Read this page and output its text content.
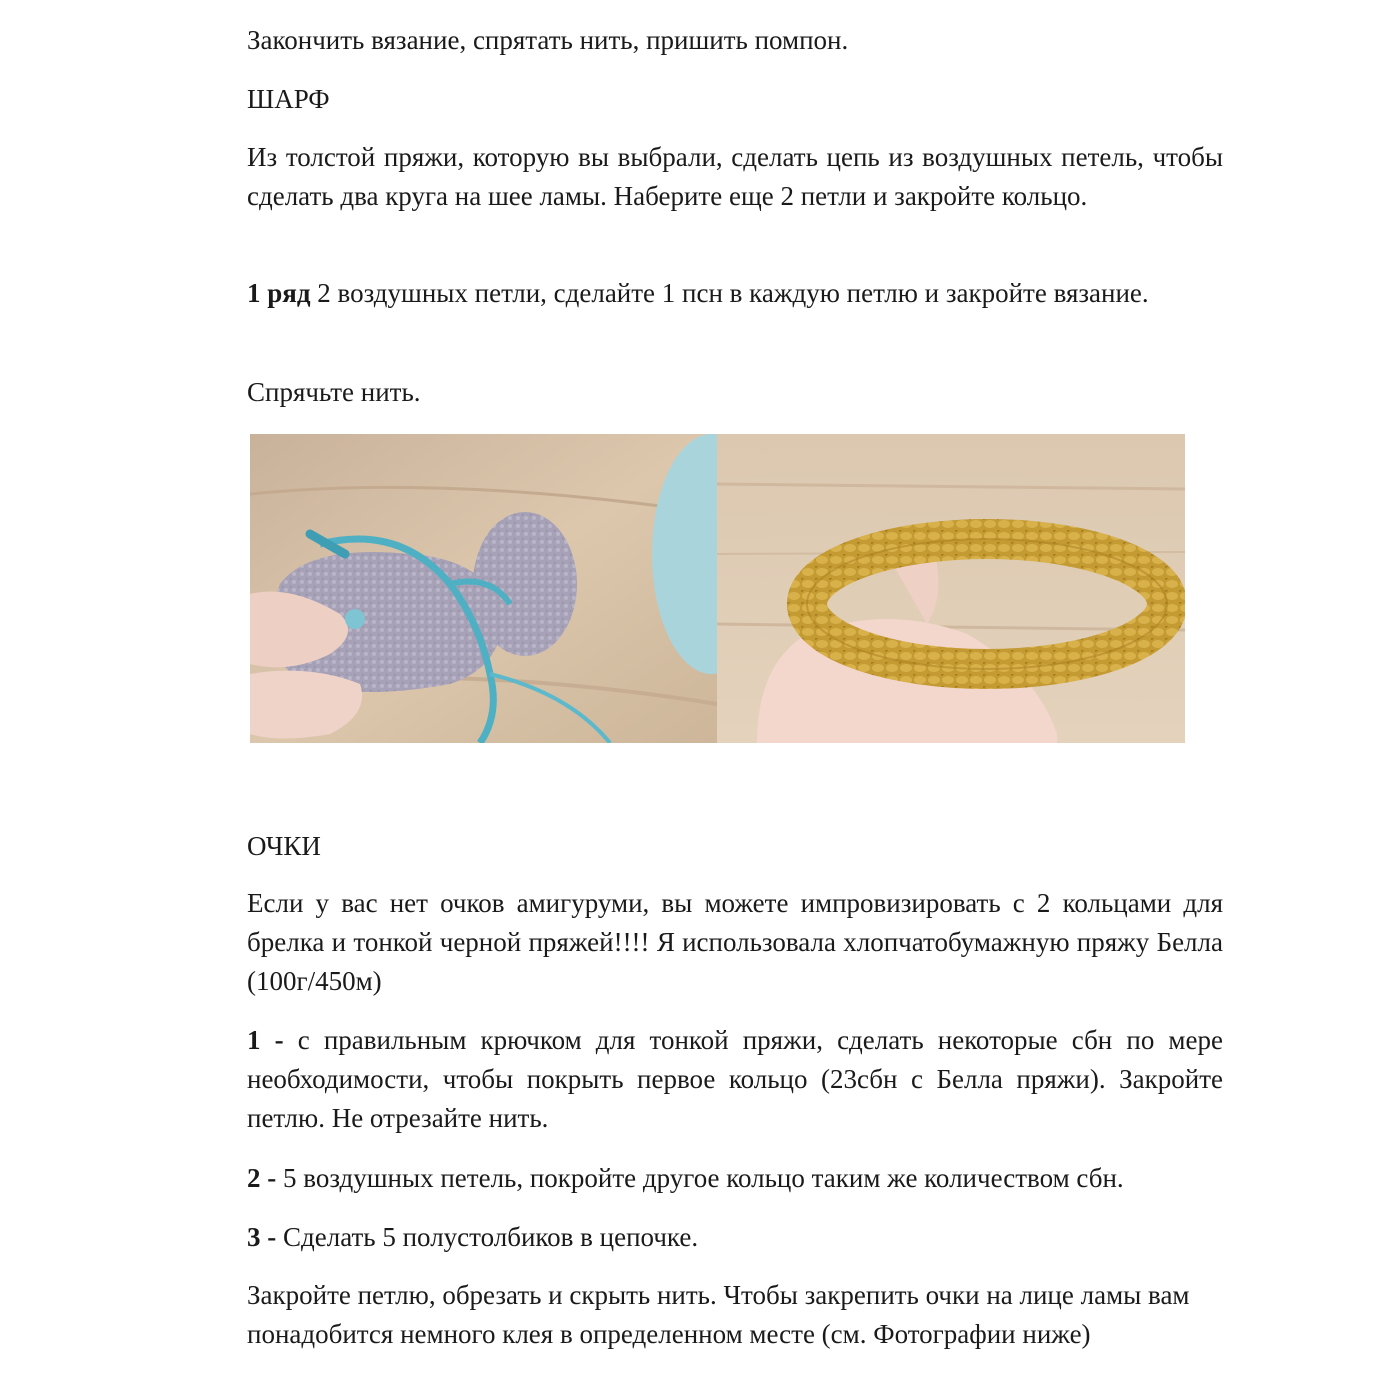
Закончить вязание, спрятать нить, пришить помпон.

ШАРФ

Из толстой пряжи, которую вы выбрали, сделать цепь из воздушных петель, чтобы сделать два круга на шее ламы. Наберите еще 2 петли и закройте кольцо.

1 ряд 2 воздушных петли, сделайте 1 псн в каждую петлю и закройте вязание.

Спрячьте нить.

ОЧКИ

Если у вас нет очков амигуруми, вы можете импровизировать с 2 кольцами для брелка и тонкой черной пряжей!!!! Я использовала хлопчатобумажную пряжу Белла (100г/450м)

1 - с правильным крючком для тонкой пряжи, сделать некоторые сбн по мере необходимости, чтобы покрыть первое кольцо (23сбн с Белла пряжи). Закройте петлю. Не отрезайте нить.

2 - 5 воздушных петель, покройте другое кольцо таким же количеством сбн.

3 - Сделать 5 полустолбиков в цепочке.

Закройте петлю, обрезать и скрыть нить. Чтобы закрепить очки на лице ламы вам понадобится немного клея в определенном месте (см. Фотографии ниже)
